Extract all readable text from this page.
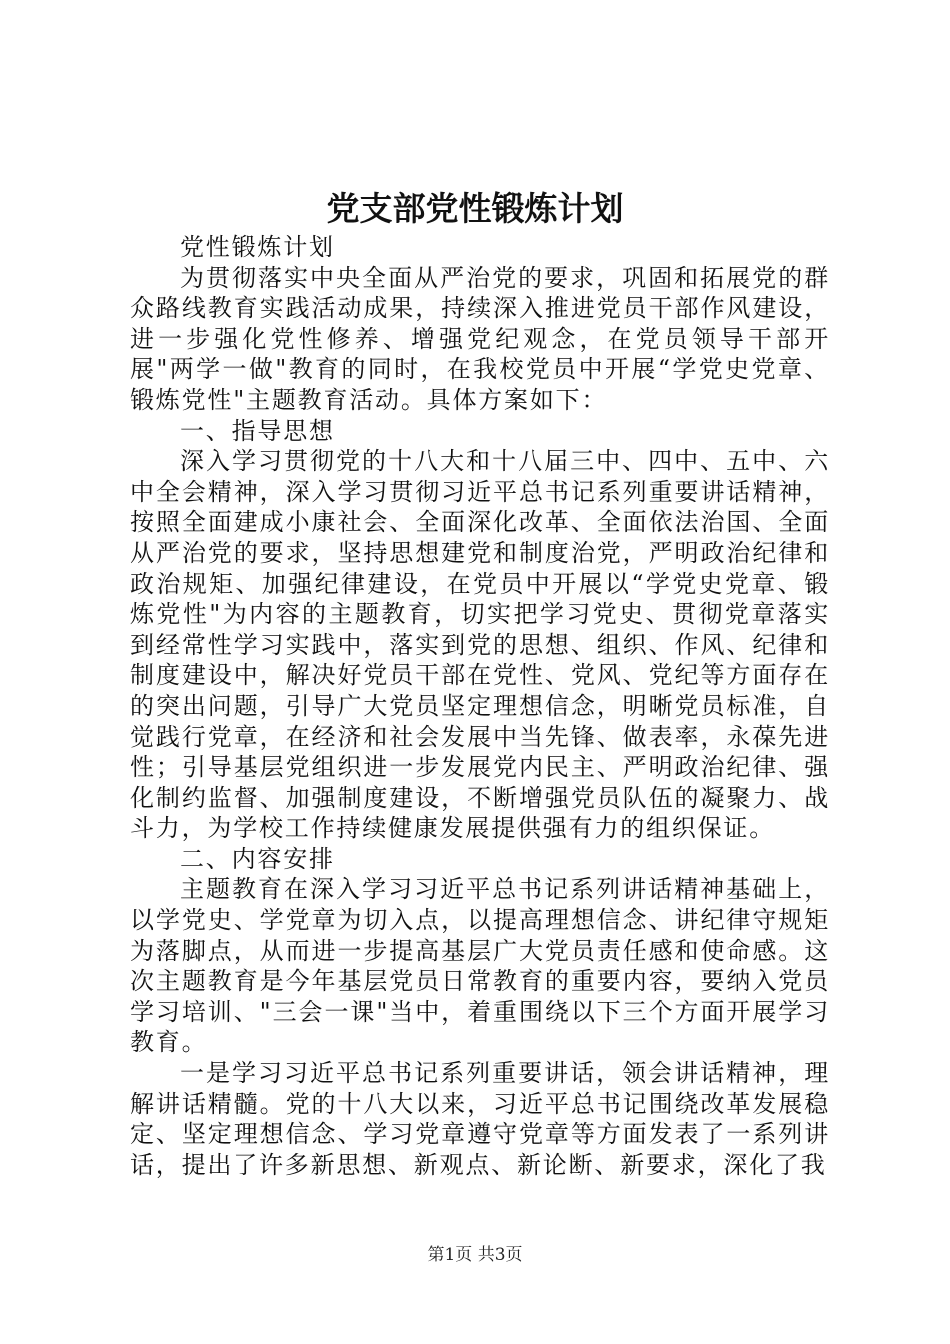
党支部党性锻炼计划

党性锻炼计划

为贯彻落实中央全面从严治党的要求，巩固和拓展党的群众路线教育实践活动成果，持续深入推进党员干部作风建设，进一步强化党性修养、增强党纪观念，在党员领导干部开展"两学一做"教育的同时，在我校党员中开展“学党史党章、锻炼党性"主题教育活动。具体方案如下：

一、指导思想

深入学习贯彻党的十八大和十八届三中、四中、五中、六中全会精神，深入学习贯彻习近平总书记系列重要讲话精神，按照全面建成小康社会、全面深化改革、全面依法治国、全面从严治党的要求，坚持思想建党和制度治党，严明政治纪律和政治规矩、加强纪律建设，在党员中开展以“学党史党章、锻炼党性"为内容的主题教育，切实把学习党史、贯彻党章落实到经常性学习实践中，落实到党的思想、组织、作风、纪律和制度建设中，解决好党员干部在党性、党风、党纪等方面存在的突出问题，引导广大党员坚定理想信念，明晰党员标准，自觉践行党章，在经济和社会发展中当先锋、做表率，永葆先进性；引导基层党组织进一步发展党内民主、严明政治纪律、强化制约监督、加强制度建设，不断增强党员队伍的凝聚力、战斗力，为学校工作持续健康发展提供强有力的组织保证。

二、内容安排

主题教育在深入学习习近平总书记系列讲话精神基础上，以学党史、学党章为切入点，以提高理想信念、讲纪律守规矩为落脚点，从而进一步提高基层广大党员责任感和使命感。这次主题教育是今年基层党员日常教育的重要内容，要纳入党员学习培训、"三会一课"当中，着重围绕以下三个方面开展学习教育。

一是学习习近平总书记系列重要讲话，领会讲话精神，理解讲话精髓。党的十八大以来，习近平总书记围绕改革发展稳定、坚定理想信念、学习党章遵守党章等方面发表了一系列讲话，提出了许多新思想、新观点、新论断、新要求，深化了我

第1页 共3页
